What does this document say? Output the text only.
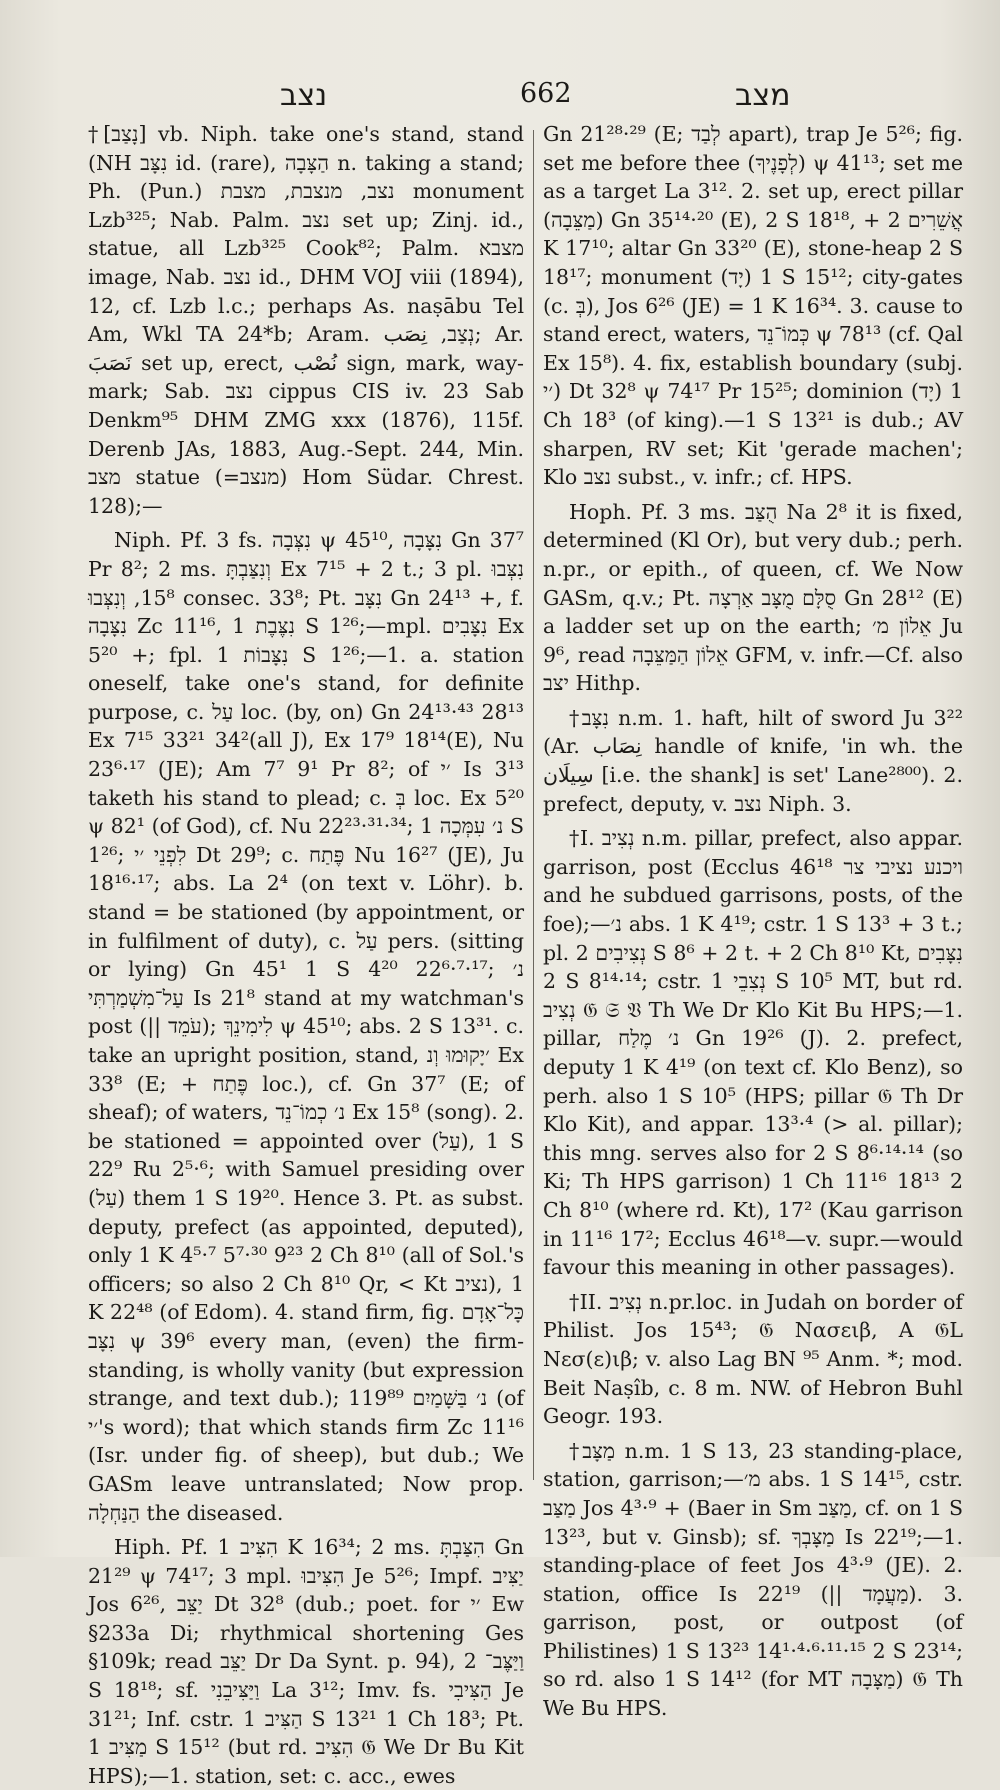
נצב	662	מצב

†[נָצַב] vb. Niph. take one's stand, stand (NH נִצָּב id. (rare), הַצָּבָה n. taking a stand; Ph. (Pun.) נצב, מנצבת, מצבת monument Lzb³²⁵; Nab. Palm. נצב set up; Zinj. id., statue, all Lzb³²⁵ Cook⁸²; Palm. מצבא image, Nab. נצב id., DHM VOJ viii (1894), 12, cf. Lzb l.c.; perhaps As. naṣābu Tel Am, Wkl TA 24*b; Aram. נְצַב, نِصَب; Ar. نَصَبَ set up, erect, نُصْب sign, mark, way-mark; Sab. נצב cippus CIS iv. 23 Sab Denkm⁹⁵ DHM ZMG xxx (1876), 115f. Derenb JAs, 1883, Aug.-Sept. 244, Min. מצב statue (=מנצב) Hom Südar. Chrest. 128);—

Niph. Pf. 3 fs. נִצְּבָה ψ 45¹⁰, נִצָּבָה Gn 37⁷ Pr 8²; 2 ms. וְנִצַּבְתָּ Ex 7¹⁵ + 2 t.; 3 pl. נִצְּבוּ 15⁸, וְנִצְּבוּ consec. 33⁸; Pt. נִצָּב Gn 24¹³ +, f. נִצָּבָה Zc 11¹⁶, נִצֶּבֶת 1 S 1²⁶;—mpl. נִצָּבִים Ex 5²⁰ +; fpl. נִצָּבוֹת 1 S 1²⁶;—1. a. station oneself, take one's stand, for definite purpose, c. עַל loc. (by, on) Gn 24¹³·⁴³ 28¹³ Ex 7¹⁵ 33²¹ 34²(all J), Ex 17⁹ 18¹⁴(E), Nu 23⁶·¹⁷ (JE); Am 7⁷ 9¹ Pr 8²; of ׳י Is 3¹³ taketh his stand to plead; c. בְּ loc. Ex 5²⁰ ψ 82¹ (of God), cf. Nu 22²³·³¹·³⁴; נ׳ עִמְּכָה 1 S 1²⁶; לִפְנֵי ׳י Dt 29⁹; c. פֶּתַח Nu 16²⁷ (JE), Ju 18¹⁶·¹⁷; abs. La 2⁴ (on text v. Löhr). b. stand = be stationed (by appointment, or in fulfilment of duty), c. עַל pers. (sitting or lying) Gn 45¹ 1 S 4²⁰ 22⁶·⁷·¹⁷; נ׳ עַל־מִשְׁמַרְתִּי Is 21⁸ stand at my watchman's post (|| עֹמֵד); לִימִינֵךְ ψ 45¹⁰; abs. 2 S 13³¹. c. take an upright position, stand, ׳יָקוּמוּ וְנ Ex 33⁸ (E; + פֶּתַח loc.), cf. Gn 37⁷ (E; of sheaf); of waters, נ׳ כְמוֹ־נֵד Ex 15⁸ (song). 2. be stationed = appointed over (עַל), 1 S 22⁹ Ru 2⁵·⁶; with Samuel presiding over (עַל) them 1 S 19²⁰. Hence 3. Pt. as subst. deputy, prefect (as appointed, deputed), only 1 K 4⁵·⁷ 5⁷·³⁰ 9²³ 2 Ch 8¹⁰ (all of Sol.'s officers; so also 2 Ch 8¹⁰ Qr, < Kt נציב), 1 K 22⁴⁸ (of Edom). 4. stand firm, fig. כָּל־אָדָם נִצָּב ψ 39⁶ every man, (even) the firm-standing, is wholly vanity (but expression strange, and text dub.); נ׳ בַּשָּׁמַיִם 119⁸⁹ (of ׳י's word); that which stands firm Zc 11¹⁶ (Isr. under fig. of sheep), but dub.; We GASm leave untranslated; Now prop. הַנַּחְלָה the diseased.

Hiph. Pf. הִצִּיב 1 K 16³⁴; 2 ms. הִצַּבְתָּ Gn 21²⁹ ψ 74¹⁷; 3 mpl. הִצִּיבוּ Je 5²⁶; Impf. יַצִּיב Jos 6²⁶, יַצֵּב Dt 32⁸ (dub.; poet. for ׳י Ew §233a Di; rhythmical shortening Ges §109k; read יַצֵּב Dr Da Synt. p. 94), וַיַּצֶּב־ 2 S 18¹⁸; sf. וַיַּצִּיבֵנִי La 3¹²; Imv. fs. הַצִּיבִי Je 31²¹; Inf. cstr. הַצִּיב 1 S 13²¹ 1 Ch 18³; Pt. מַצִּיב 1 S 15¹² (but rd. הִצִּיב 𝔊 We Dr Bu Kit HPS);—1. station, set: c. acc., ewes

Gn 21²⁸·²⁹ (E; לְבַד apart), trap Je 5²⁶; fig. set me before thee (לְפָנֶיךָ) ψ 41¹³; set me as a target La 3¹². 2. set up, erect pillar (מַצֵּבָה) Gn 35¹⁴·²⁰ (E), 2 S 18¹⁸, + אֲשֵׁרִים 2 K 17¹⁰; altar Gn 33²⁰ (E), stone-heap 2 S 18¹⁷; monument (יָד) 1 S 15¹²; city-gates (c. בְּ), Jos 6²⁶ (JE) = 1 K 16³⁴. 3. cause to stand erect, waters, כְּמוֹ־נֵד ψ 78¹³ (cf. Qal Ex 15⁸). 4. fix, establish boundary (subj. ׳י) Dt 32⁸ ψ 74¹⁷ Pr 15²⁵; dominion (יָד) 1 Ch 18³ (of king).—1 S 13²¹ is dub.; AV sharpen, RV set; Kit 'gerade machen'; Klo נצב subst., v. infr.; cf. HPS.

Hoph. Pf. 3 ms. הֻצַּב Na 2⁸ it is fixed, determined (Kl Or), but very dub.; perh. n.pr., or epith., of queen, cf. We Now GASm, q.v.; Pt. סֻלָּם מֻצָּב אַרְצָה Gn 28¹² (E) a ladder set up on the earth; אֵלוֹן מ׳ Ju 9⁶, read אֵלוֹן הַמַּצֵּבָה GFM, v. infr.—Cf. also יצב Hithp.

†נִצָּב n.m. 1. haft, hilt of sword Ju 3²² (Ar. نِصَاب handle of knife, 'in wh. the سِيلَان [i.e. the shank] is set' Lane²⁸⁰⁰). 2. prefect, deputy, v. נצב Niph. 3.

†I. נְצִיב n.m. pillar, prefect, also appar. garrison, post (Ecclus 46¹⁸ ויכנע נציבי צר and he subdued garrisons, posts, of the foe);—נ׳ abs. 1 K 4¹⁹; cstr. 1 S 13³ + 3 t.; pl. נְצִיבִים 2 S 8⁶ + 2 t. + 2 Ch 8¹⁰ Kt, נִצָּבִים 2 S 8¹⁴·¹⁴; cstr. נְצִבֵי 1 S 10⁵ MT, but rd. נְצִיב 𝔊 𝔖 𝔙 Th We Dr Klo Kit Bu HPS;—1. pillar, נ׳ מֶלַח Gn 19²⁶ (J). 2. prefect, deputy 1 K 4¹⁹ (on text cf. Klo Benz), so perh. also 1 S 10⁵ (HPS; pillar 𝔊 Th Dr Klo Kit), and appar. 13³·⁴ (> al. pillar); this mng. serves also for 2 S 8⁶·¹⁴·¹⁴ (so Ki; Th HPS garrison) 1 Ch 11¹⁶ 18¹³ 2 Ch 8¹⁰ (where rd. Kt), 17² (Kau garrison in 11¹⁶ 17²; Ecclus 46¹⁸—v. supr.—would favour this meaning in other passages).

†II. נְצִיב n.pr.loc. in Judah on border of Philist. Jos 15⁴³; 𝔊 Νασειβ, A 𝔊L Νεσ(ε)ιβ; v. also Lag BN ⁹⁵ Anm. *; mod. Beit Naṣîb, c. 8 m. NW. of Hebron Buhl Geogr. 193.

†מַצָּב n.m. 1 S 13, 23 standing-place, station, garrison;—מ׳ abs. 1 S 14¹⁵, cstr. מַצַּב Jos 4³·⁹ + (Baer in Sm מַצַּב, cf. on 1 S 13²³, but v. Ginsb); sf. מַצָּבְךָ Is 22¹⁹;—1. standing-place of feet Jos 4³·⁹ (JE). 2. station, office Is 22¹⁹ (|| מַעֲמָד). 3. garrison, post, or outpost (of Philistines) 1 S 13²³ 14¹·⁴·⁶·¹¹·¹⁵ 2 S 23¹⁴; so rd. also 1 S 14¹² (for MT מַצָּבָה) 𝔊 Th We Bu HPS.
